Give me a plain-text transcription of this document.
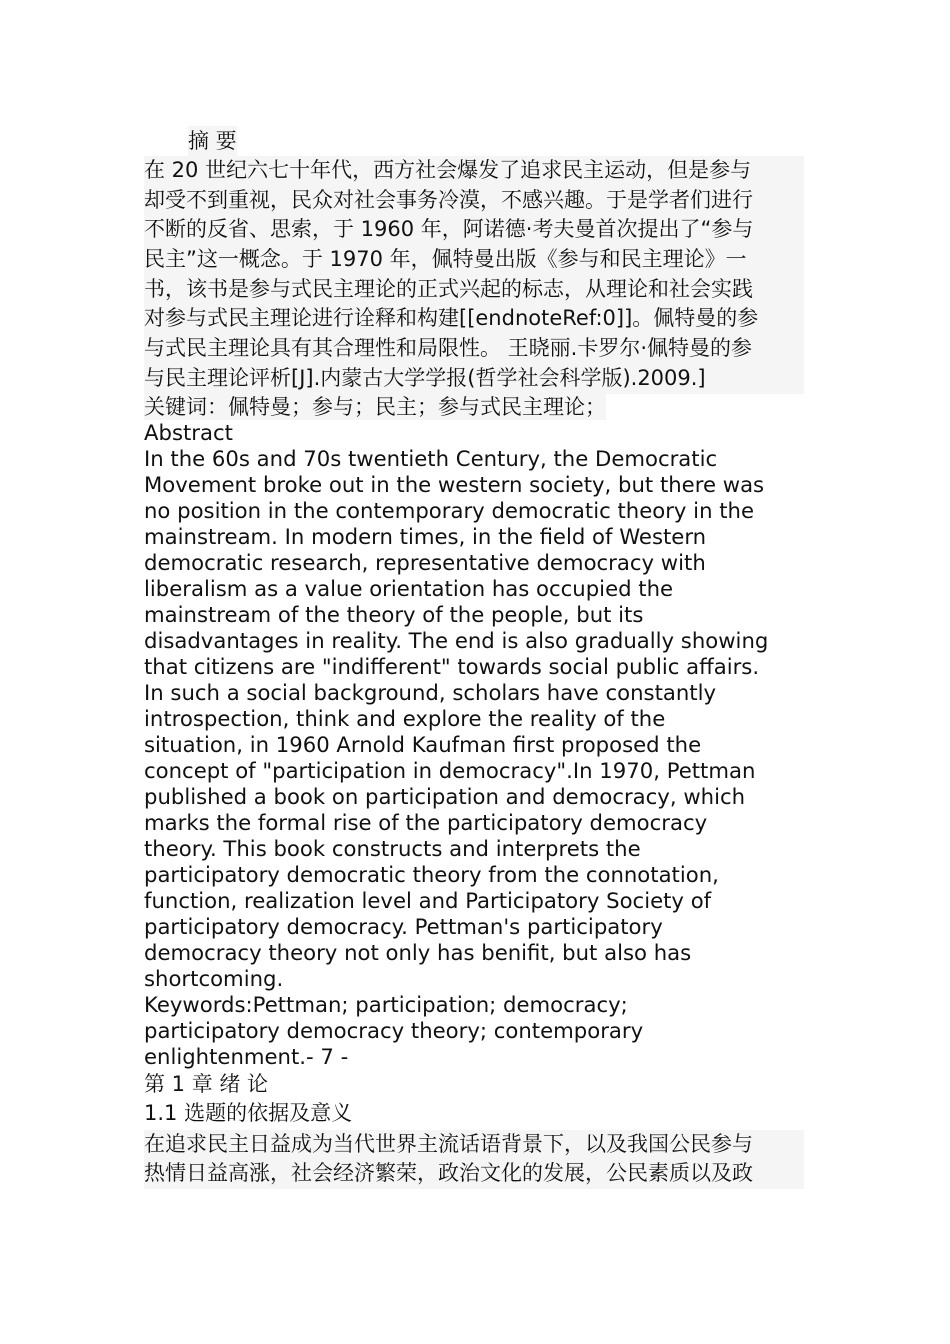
摘 要
在 20 世纪六七十年代，西方社会爆发了追求民主运动，但是参与
却受不到重视，民众对社会事务冷漠，不感兴趣。于是学者们进行
不断的反省、思索，于 1960 年，阿诺德·考夫曼首次提出了“参与
民主”这一概念。于 1970 年，佩特曼出版《参与和民主理论》一
书，该书是参与式民主理论的正式兴起的标志，从理论和社会实践
对参与式民主理论进行诠释和构建[[endnoteRef:0]]。佩特曼的参
与式民主理论具有其合理性和局限性。 王晓丽.卡罗尔·佩特曼的参
与民主理论评析[J].内蒙古大学学报(哲学社会科学版).2009.]
关键词：佩特曼；参与；民主；参与式民主理论；
Abstract
In the 60s and 70s twentieth Century, the Democratic
Movement broke out in the western society, but there was
no position in the contemporary democratic theory in the
mainstream. In modern times, in the field of Western
democratic research, representative democracy with
liberalism as a value orientation has occupied the
mainstream of the theory of the people, but its
disadvantages in reality. The end is also gradually showing
that citizens are "indifferent" towards social public affairs.
In such a social background, scholars have constantly
introspection, think and explore the reality of the
situation, in 1960 Arnold Kaufman first proposed the
concept of "participation in democracy".In 1970, Pettman
published a book on participation and democracy, which
marks the formal rise of the participatory democracy
theory. This book constructs and interprets the
participatory democratic theory from the connotation,
function, realization level and Participatory Society of
participatory democracy. Pettman's participatory
democracy theory not only has benifit, but also has
shortcoming.
Keywords:Pettman; participation; democracy;
participatory democracy theory; contemporary
enlightenment.- 7 -
第 1 章 绪 论
1.1 选题的依据及意义
在追求民主日益成为当代世界主流话语背景下，以及我国公民参与
热情日益高涨，社会经济繁荣，政治文化的发展，公民素质以及政
